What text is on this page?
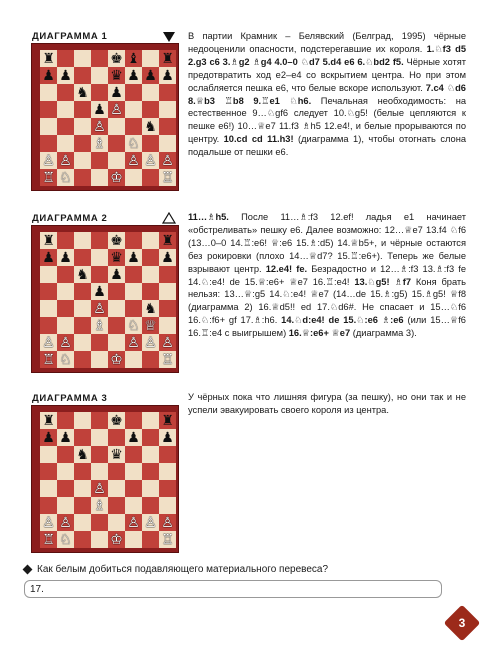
ДИАГРАММА 1
♜	♚ ♝ ♜
♟ ♟	♛ ♟ ♟ ♟
♞ ♟
♟ ♙
♙	♞
♗ ♘
♙ ♙	♙ ♙ ♙
♖ ♘	♔	♖
ДИАГРАММА 2
♜	♚	♜
♟ ♟	♛ ♟ ♟
♞ ♟
♟
♙	♞
♗ ♘ ♕
♙ ♙	♙ ♙ ♙
♖ ♘	♔	♖
ДИАГРАММА 3
♜	♚	♜
♟ ♟	♟ ♟
♞ ♛
♙
♗
♙ ♙	♙ ♙ ♙
♖ ♘	♔	♖
В партии Крамник – Белявский (Белград, 1995) чёрные недооценили опасности, подстерегавшие их короля. 1.♘f3 d5 2.g3 c6 3.♗g2 ♗g4 4.0–0 ♘d7 5.d4 e6 6.♘bd2 f5. Чёрные хотят предотвратить ход e2–e4 со вскрытием центра. Но при этом ослабляется пешка e6, что белые вскоре используют. 7.c4 ♘d6 8.♕b3 ♖b8 9.♖e1 ♘h6. Печальная необходимость: на естественное 9…♘gf6 следует 10.♘g5! (белые цепляются к пешке e6!) 10…♕e7 11.f3 ♗h5 12.e4!, и белые прорываются по центру. 10.cd cd 11.h3! (диаграмма 1), чтобы отогнать слона подальше от пешки e6.
11…♗h5. После 11…♗:f3 12.ef! ладья e1 начинает «обстреливать» пешку e6. Далее возможно: 12…♕e7 13.f4 ♘f6 (13…0–0 14.♖:e6! ♕:e6 15.♗:d5) 14.♕b5+, и чёрные остаются без рокировки (плохо 14…♕d7? 15.♖:e6+). Теперь же белые взрывают центр. 12.e4! fe. Безрадостно и 12…♗:f3 13.♗:f3 fe 14.♘:e4! de 15.♕:e6+ ♕e7 16.♖:e4! 13.♘g5! ♗f7 Коня брать нельзя: 13…♕:g5 14.♘:e4! ♕e7 (14…de 15.♗:g5) 15.♗g5! ♕f8 (диаграмма 2) 16.♕d5!! ed 17.♘d6#. Не спасает и 15…♘f6 16.♘:f6+ gf 17.♗:h6. 14.♘d:e4! de 15.♘:e6 ♗:e6 (или 15…♕f6 16.♖:e4 с выигрышем) 16.♕:e6+ ♕e7 (диаграмма 3).
У чёрных пока что лишняя фигура (за пешку), но они так и не успели эвакуировать своего короля из центра.
Как белым добиться подавляющего материального перевеса?
17.
3
